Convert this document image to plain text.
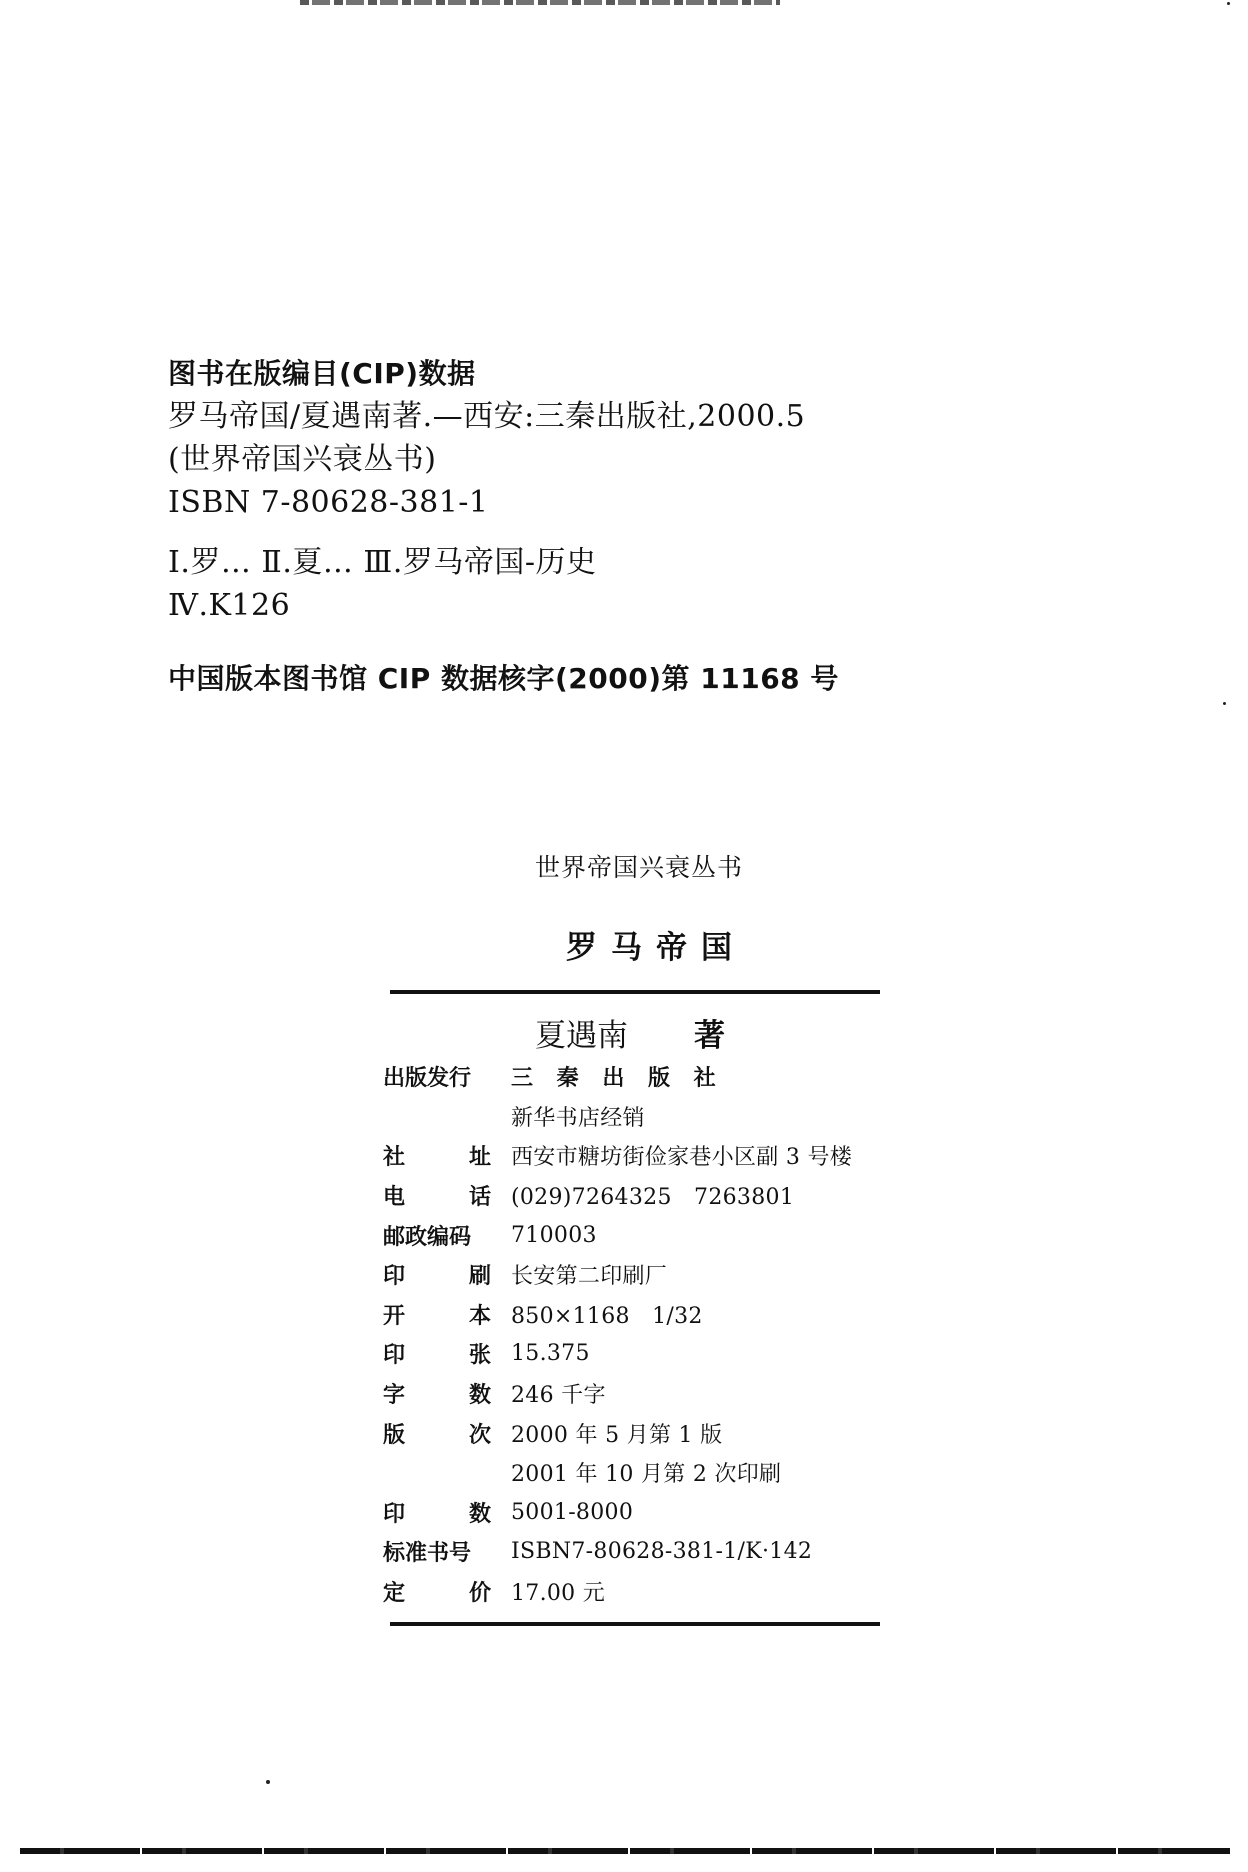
图书在版编目(CIP)数据
罗马帝国/夏遇南著.—西安:三秦出版社,2000.5
(世界帝国兴衰丛书)
ISBN 7-80628-381-1
Ⅰ.罗… Ⅱ.夏… Ⅲ.罗马帝国-历史
Ⅳ.K126
中国版本图书馆 CIP 数据核字(2000)第 11168 号
世界帝国兴衰丛书
罗马帝国
夏遇南 著
出版发行 三 秦 出 版 社
新华书店经销
社	址 西安市糖坊街俭家巷小区副 3 号楼
电	话 (029)7264325　7263801
邮政编码 710003
印	刷 长安第二印刷厂
开	本 850×1168　1/32
印	张 15.375
字	数 246 千字
版	次 2000 年 5 月第 1 版
2001 年 10 月第 2 次印刷
印	数 5001-8000
标准书号 ISBN7-80628-381-1/K·142
定	价 17.00 元
